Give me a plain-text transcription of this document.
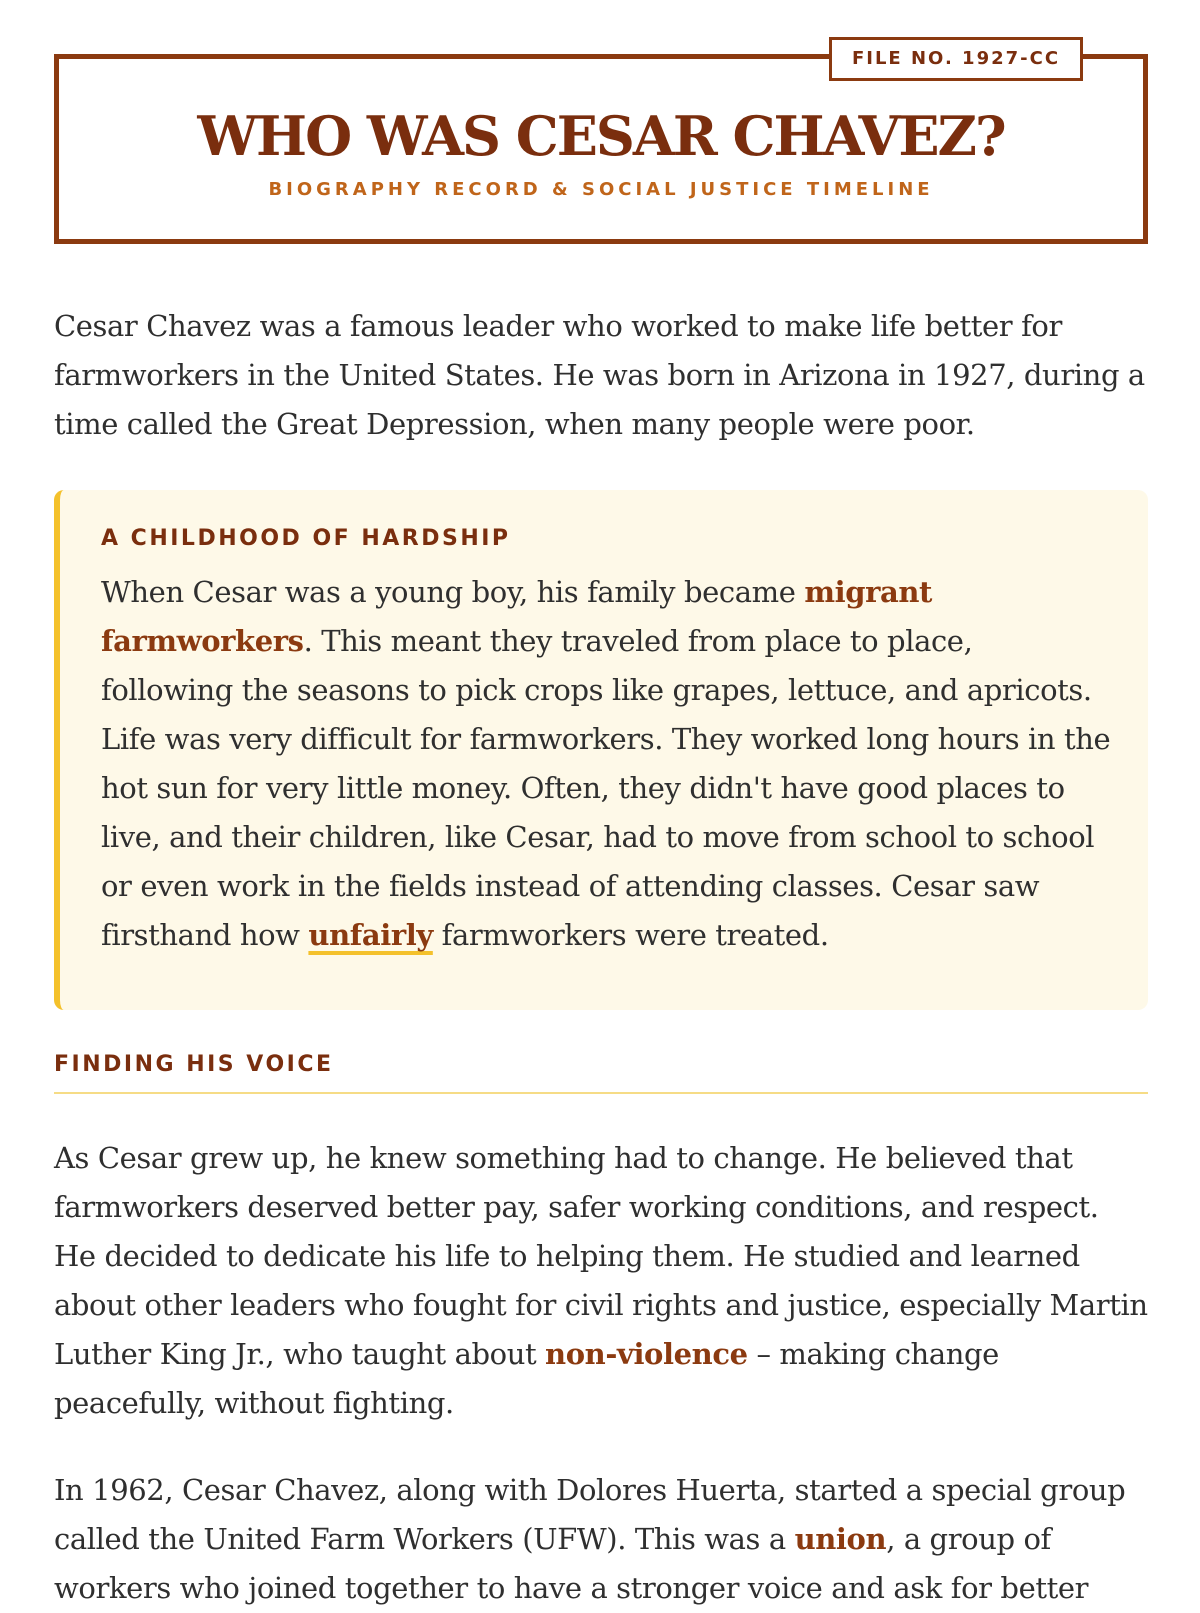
FILE NO. 1927-CC
WHO WAS CESAR CHAVEZ?
BIOGRAPHY RECORD & SOCIAL JUSTICE TIMELINE

Cesar Chavez was a famous leader who worked to make life better for farmworkers in the United States. He was born in Arizona in 1927, during a time called the Great Depression, when many people were poor.

A CHILDHOOD OF HARDSHIP

When Cesar was a young boy, his family became migrant farmworkers. This meant they traveled from place to place, following the seasons to pick crops like grapes, lettuce, and apricots. Life was very difficult for farmworkers. They worked long hours in the hot sun for very little money. Often, they didn't have good places to live, and their children, like Cesar, had to move from school to school or even work in the fields instead of attending classes. Cesar saw firsthand how unfairly farmworkers were treated.

FINDING HIS VOICE

As Cesar grew up, he knew something had to change. He believed that farmworkers deserved better pay, safer working conditions, and respect. He decided to dedicate his life to helping them. He studied and learned about other leaders who fought for civil rights and justice, especially Martin Luther King Jr., who taught about non-violence – making change peacefully, without fighting.

In 1962, Cesar Chavez, along with Dolores Huerta, started a special group called the United Farm Workers (UFW). This was a union, a group of workers who joined together to have a stronger voice and ask for better
